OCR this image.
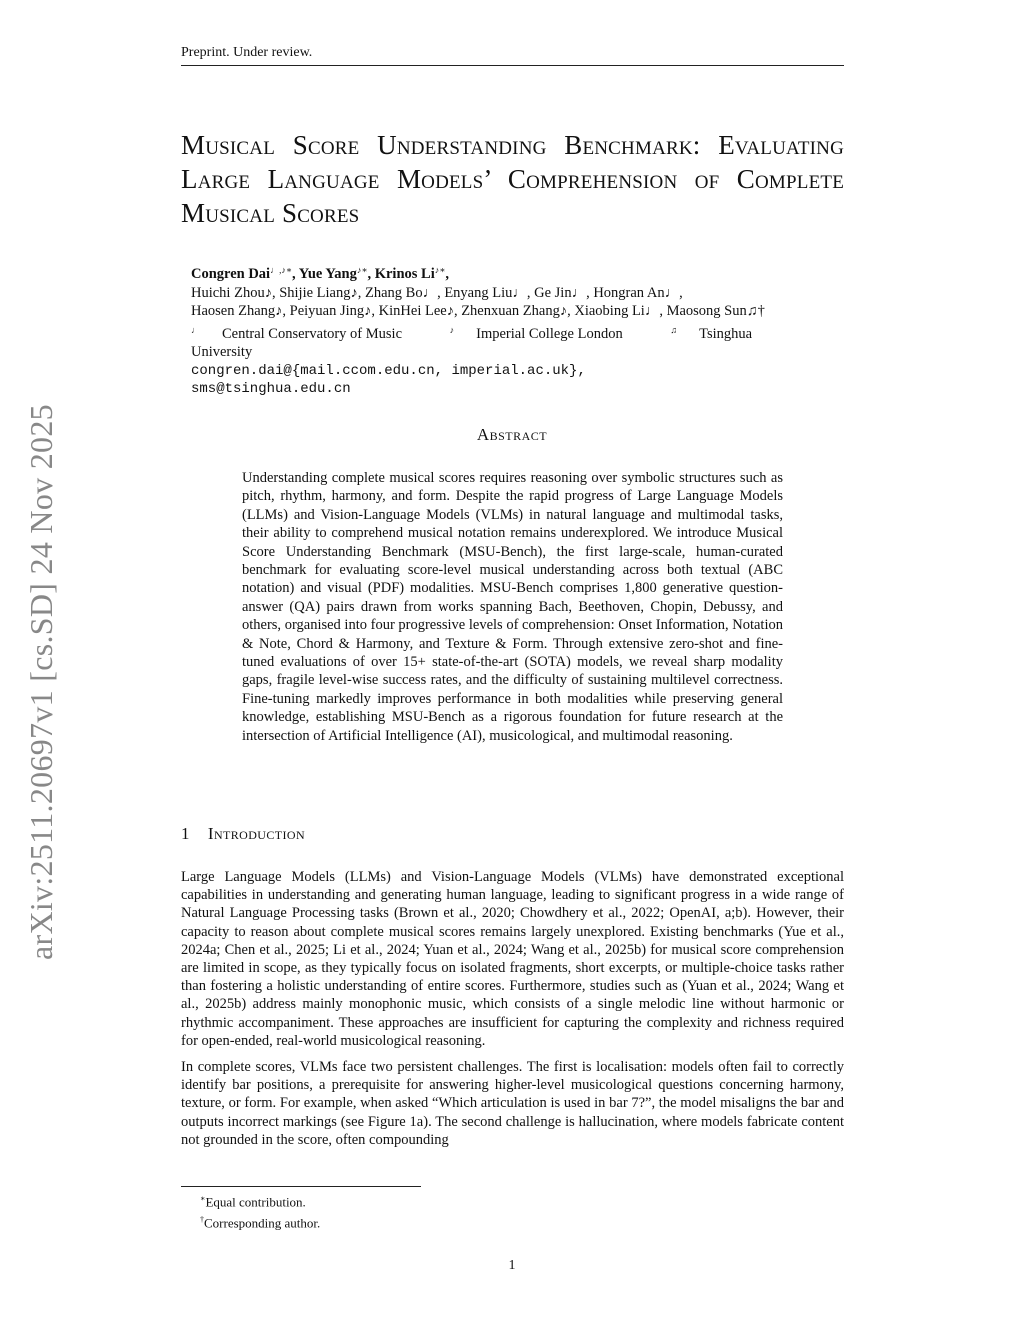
Preprint. Under review.
Musical Score Understanding Benchmark: Evaluating Large Language Models’ Comprehension of Complete Musical Scores
Congren Dai♩,♪∗, Yue Yang♪∗, Krinos Li♪∗,
Huichi Zhou♪, Shijie Liang♪, Zhang Bo♩, Enyang Liu♩, Ge Jin♩, Hongran An♩,
Haosen Zhang♪, Peiyuan Jing♪, KinHei Lee♪, Zhenxuan Zhang♪, Xiaobing Li♩, Maosong Sun♫†
♩ Central Conservatory of Music	♪ Imperial College London	♫ Tsinghua University
congren.dai@{mail.ccom.edu.cn, imperial.ac.uk},
sms@tsinghua.edu.cn
Abstract
Understanding complete musical scores requires reasoning over symbolic structures such as pitch, rhythm, harmony, and form. Despite the rapid progress of Large Language Models (LLMs) and Vision-Language Models (VLMs) in natural language and multimodal tasks, their ability to comprehend musical notation remains underexplored. We introduce Musical Score Understanding Benchmark (MSU-Bench), the first large-scale, human-curated benchmark for evaluating score-level musical understanding across both textual (ABC notation) and visual (PDF) modalities. MSU-Bench comprises 1,800 generative question-answer (QA) pairs drawn from works spanning Bach, Beethoven, Chopin, Debussy, and others, organised into four progressive levels of comprehension: Onset Information, Notation & Note, Chord & Harmony, and Texture & Form. Through extensive zero-shot and fine-tuned evaluations of over 15+ state-of-the-art (SOTA) models, we reveal sharp modality gaps, fragile level-wise success rates, and the difficulty of sustaining multilevel correctness. Fine-tuning markedly improves performance in both modalities while preserving general knowledge, establishing MSU-Bench as a rigorous foundation for future research at the intersection of Artificial Intelligence (AI), musicological, and multimodal reasoning.
1 Introduction

Large Language Models (LLMs) and Vision-Language Models (VLMs) have demonstrated exceptional capabilities in understanding and generating human language, leading to significant progress in a wide range of Natural Language Processing tasks (Brown et al., 2020; Chowdhery et al., 2022; OpenAI, a;b). However, their capacity to reason about complete musical scores remains largely unexplored. Existing benchmarks (Yue et al., 2024a; Chen et al., 2025; Li et al., 2024; Yuan et al., 2024; Wang et al., 2025b) for musical score comprehension are limited in scope, as they typically focus on isolated fragments, short excerpts, or multiple-choice tasks rather than fostering a holistic understanding of entire scores. Furthermore, studies such as (Yuan et al., 2024; Wang et al., 2025b) address mainly monophonic music, which consists of a single melodic line without harmonic or rhythmic accompaniment. These approaches are insufficient for capturing the complexity and richness required for open-ended, real-world musicological reasoning.

In complete scores, VLMs face two persistent challenges. The first is localisation: models often fail to correctly identify bar positions, a prerequisite for answering higher-level musicological questions concerning harmony, texture, or form. For example, when asked “Which articulation is used in bar 7?”, the model misaligns the bar and outputs incorrect markings (see Figure 1a). The second challenge is hallucination, where models fabricate content not grounded in the score, often compounding

∗Equal contribution.
†Corresponding author.
1
arXiv:2511.20697v1 [cs.SD] 24 Nov 2025
